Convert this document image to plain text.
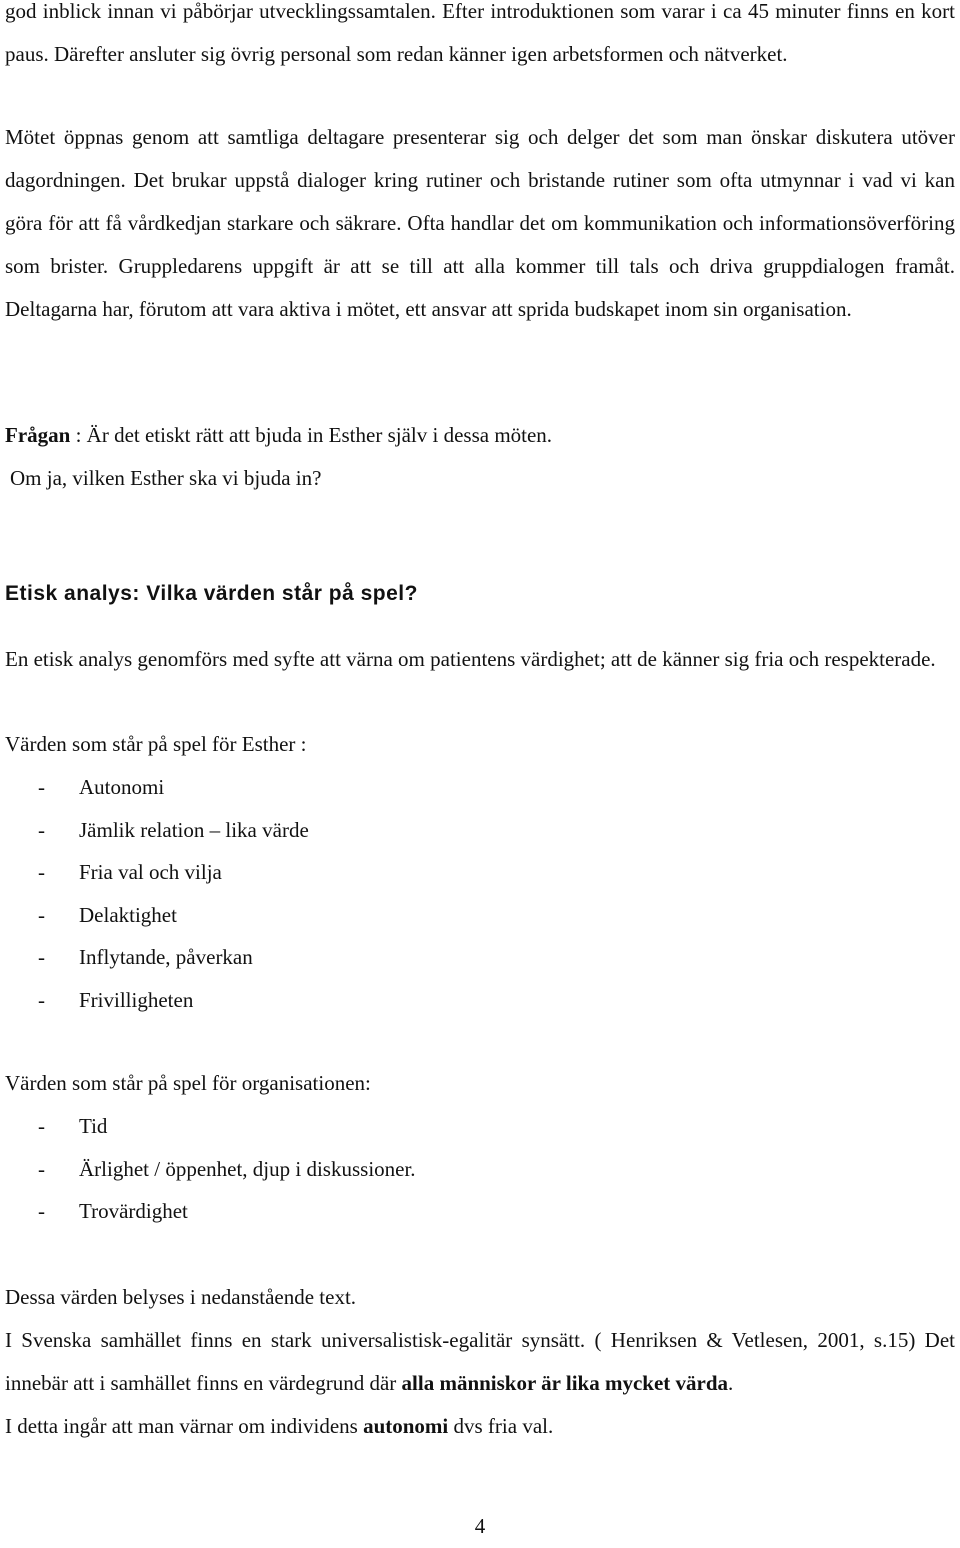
god inblick innan vi påbörjar utvecklingssamtalen. Efter introduktionen som varar i ca 45 minuter finns en kort paus. Därefter ansluter sig övrig personal som redan känner igen arbetsformen och nätverket.

Mötet öppnas genom att samtliga deltagare presenterar sig och delger det som man önskar diskutera utöver dagordningen. Det brukar uppstå dialoger kring rutiner och bristande rutiner som ofta utmynnar i vad vi kan göra för att få vårdkedjan starkare och säkrare. Ofta handlar det om kommunikation och informationsöverföring som brister. Gruppledarens uppgift är att se till att alla kommer till tals och driva gruppdialogen framåt. Deltagarna har, förutom att vara aktiva i mötet, ett ansvar att sprida budskapet inom sin organisation.

Frågan : Är det etiskt rätt att bjuda in Esther själv i dessa möten.

Om ja, vilken Esther ska vi bjuda in?

Etisk analys: Vilka värden står på spel?

En etisk analys genomförs med syfte att värna om patientens värdighet; att de känner sig fria och respekterade.

Värden som står på spel för Esther :

- Autonomi
- Jämlik relation – lika värde
- Fria val och vilja
- Delaktighet
- Inflytande, påverkan
- Frivilligheten

Värden som står på spel för organisationen:

- Tid
- Ärlighet / öppenhet, djup i diskussioner.
- Trovärdighet

Dessa värden belyses i nedanstående text.

I Svenska samhället finns en stark universalistisk-egalitär synsätt. ( Henriksen & Vetlesen, 2001, s.15) Det innebär att i samhället finns en värdegrund där alla människor är lika mycket värda.

I detta ingår att man värnar om individens autonomi dvs fria val.

4
